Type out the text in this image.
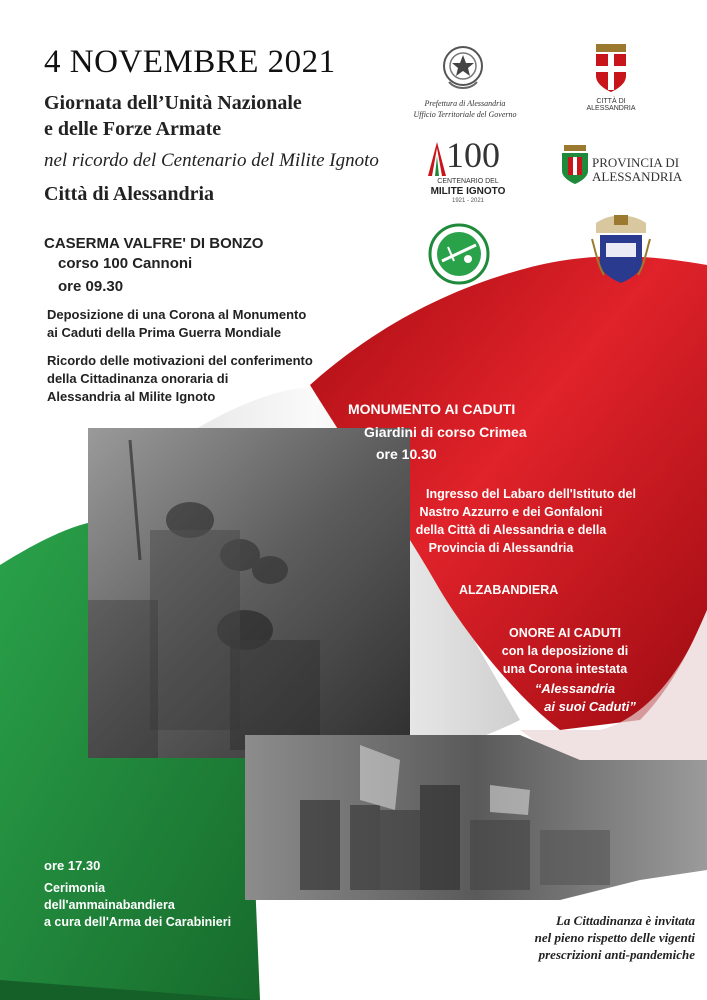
4 NOVEMBRE 2021
Giornata dell’Unità Nazionale
e delle Forze Armate
nel ricordo del Centenario del Milite Ignoto
Città di Alessandria
Prefettura di Alessandria
Ufficio Territoriale del Governo
CITTÀ DI ALESSANDRIA
100
CENTENARIO DEL
MILITE IGNOTO
1921 - 2021
PROVINCIA DI
ALESSANDRIA
CASERMA VALFRE' DI BONZO
corso 100 Cannoni
ore 09.30
Deposizione di una Corona al Monumento
ai Caduti della Prima Guerra Mondiale
Ricordo delle motivazioni del conferimento
della Cittadinanza onoraria di
Alessandria al Milite Ignoto
MONUMENTO AI CADUTI
Giardini di corso Crimea
ore 10.30
Ingresso del Labaro dell'Istituto del
Nastro Azzurro e dei Gonfaloni
della Città di Alessandria e della
Provincia di Alessandria
ALZABANDIERA
ONORE AI CADUTI
con la deposizione di
una Corona intestata
“Alessandria
ai suoi Caduti”
ore 17.30
Cerimonia
dell'ammainabandiera
a cura dell'Arma dei Carabinieri	La Cittadinanza è invitata
nel pieno rispetto delle vigenti
prescrizioni anti-pandemiche
